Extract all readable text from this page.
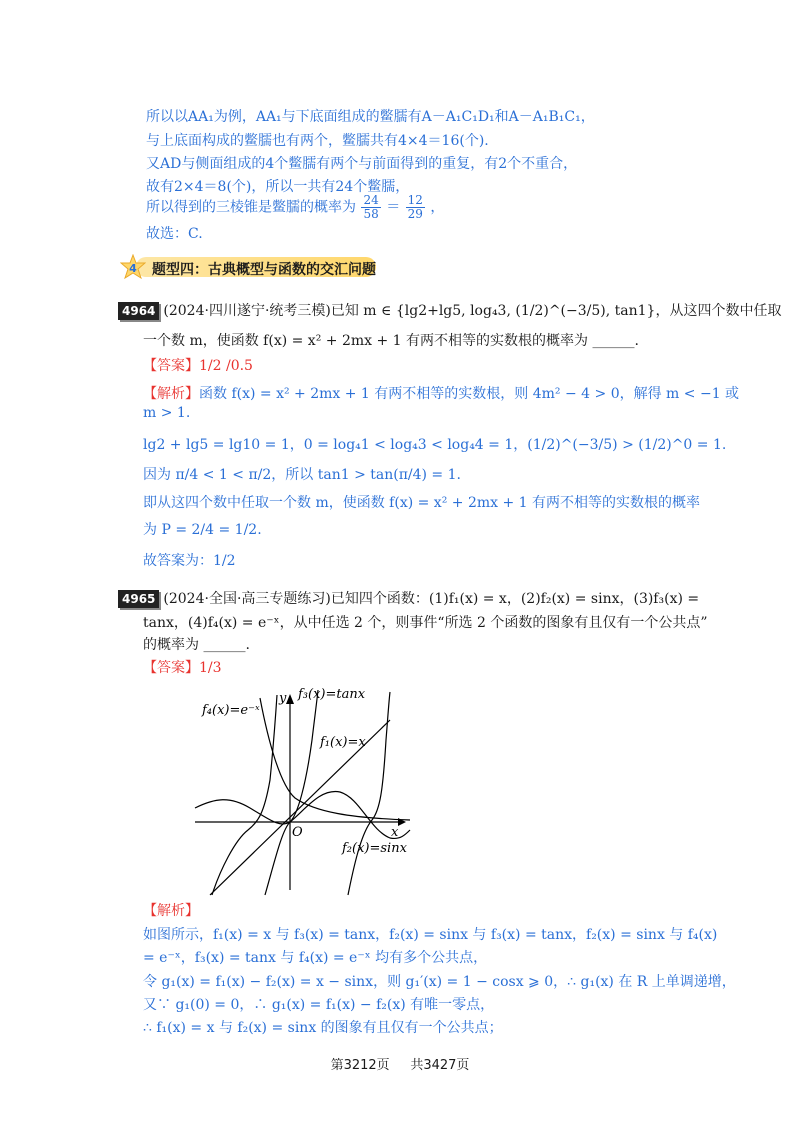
所以以AA₁为例，AA₁与下底面组成的鳖臑有A－A₁C₁D₁和A－A₁B₁C₁，
与上底面构成的鳖臑也有两个，鳖臑共有4×4＝16(个).
又AD与侧面组成的4个鳖臑有两个与前面得到的重复，有2个不重合，
故有2×4＝8(个)，所以一共有24个鳖臑，
所以得到的三棱锥是鳖臑的概率为 $\frac{24}{58} = \frac{12}{29}$ ，
故选：C.
4 题型四：古典概型与函数的交汇问题
4964 (2024·四川遂宁·统考三模)已知 m ∈ {lg2+lg5, log₄3, (1/2)^(−3/5), tan1}，从这四个数中任取
一个数 m，使函数 f(x) = x² + 2mx + 1 有两不相等的实数根的概率为 ______.
【答案】1/2 /0.5
【解析】函数 f(x) = x² + 2mx + 1 有两不相等的实数根，则 4m² − 4 > 0，解得 m < −1 或
m > 1.
lg2 + lg5 = lg10 = 1，0 = log₄1 < log₄3 < log₄4 = 1，(1/2)^(−3/5) > (1/2)^0 = 1.
因为 π/4 < 1 < π/2，所以 tan1 > tan(π/4) = 1.
即从这四个数中任取一个数 m，使函数 f(x) = x² + 2mx + 1 有两不相等的实数根的概率
为 P = 2/4 = 1/2.
故答案为：1/2
4965 (2024·全国·高三专题练习)已知四个函数：(1)f₁(x) = x，(2)f₂(x) = sinx，(3)f₃(x) =
tanx，(4)f₄(x) = e⁻ˣ，从中任选 2 个，则事件“所选 2 个函数的图象有且仅有一个公共点”
的概率为 ______.
【答案】1/3
f₄(x)=e⁻ˣ
f₃(x)=tanx
f₁(x)=x
f₂(x)=sinx
y
x
O
【解析】
如图所示，f₁(x) = x 与 f₃(x) = tanx，f₂(x) = sinx 与 f₃(x) = tanx，f₂(x) = sinx 与 f₄(x)
= e⁻ˣ，f₃(x) = tanx 与 f₄(x) = e⁻ˣ 均有多个公共点，
令 g₁(x) = f₁(x) − f₂(x) = x − sinx，则 g₁′(x) = 1 − cosx ⩾ 0，∴ g₁(x) 在 R 上单调递增，
又∵ g₁(0) = 0，∴ g₁(x) = f₁(x) − f₂(x) 有唯一零点，
∴ f₁(x) = x 与 f₂(x) = sinx 的图象有且仅有一个公共点；
第3212页 共3427页
